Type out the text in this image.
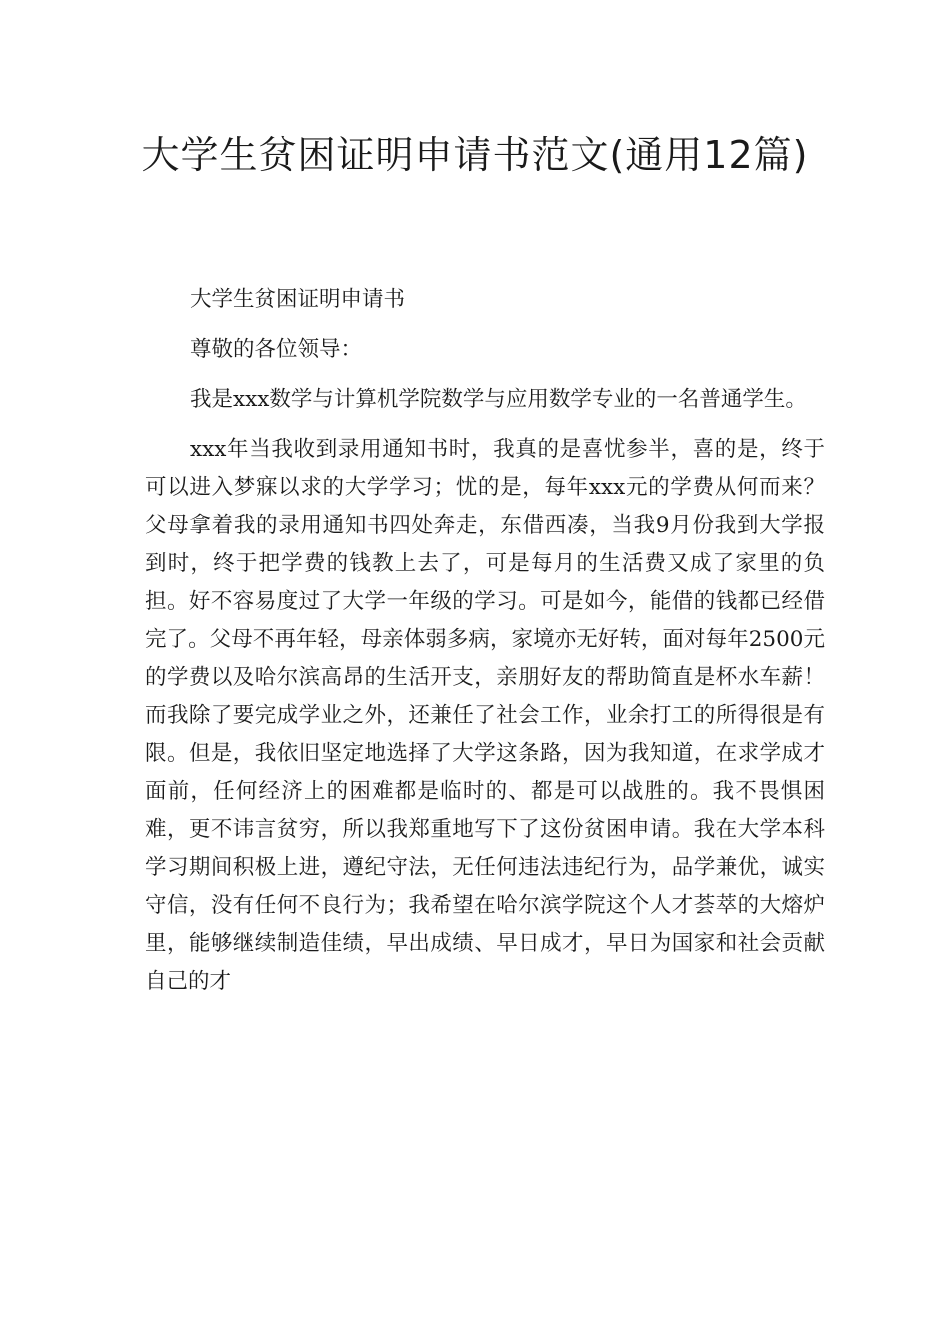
大学生贫困证明申请书范文(通用12篇)

大学生贫困证明申请书

尊敬的各位领导：

我是xxx数学与计算机学院数学与应用数学专业的一名普通学生。

xxx年当我收到录用通知书时，我真的是喜忧参半，喜的是，终于可以进入梦寐以求的大学学习；忧的是，每年xxx元的学费从何而来？父母拿着我的录用通知书四处奔走，东借西凑，当我9月份我到大学报到时，终于把学费的钱教上去了，可是每月的生活费又成了家里的负担。好不容易度过了大学一年级的学习。可是如今，能借的钱都已经借完了。父母不再年轻，母亲体弱多病，家境亦无好转，面对每年2500元的学费以及哈尔滨高昂的生活开支，亲朋好友的帮助简直是杯水车薪！而我除了要完成学业之外，还兼任了社会工作，业余打工的所得很是有限。但是，我依旧坚定地选择了大学这条路，因为我知道，在求学成才面前，任何经济上的困难都是临时的、都是可以战胜的。我不畏惧困难，更不讳言贫穷，所以我郑重地写下了这份贫困申请。我在大学本科学习期间积极上进，遵纪守法，无任何违法违纪行为，品学兼优，诚实守信，没有任何不良行为；我希望在哈尔滨学院这个人才荟萃的大熔炉里，能够继续制造佳绩，早出成绩、早日成才，早日为国家和社会贡献自己的才
